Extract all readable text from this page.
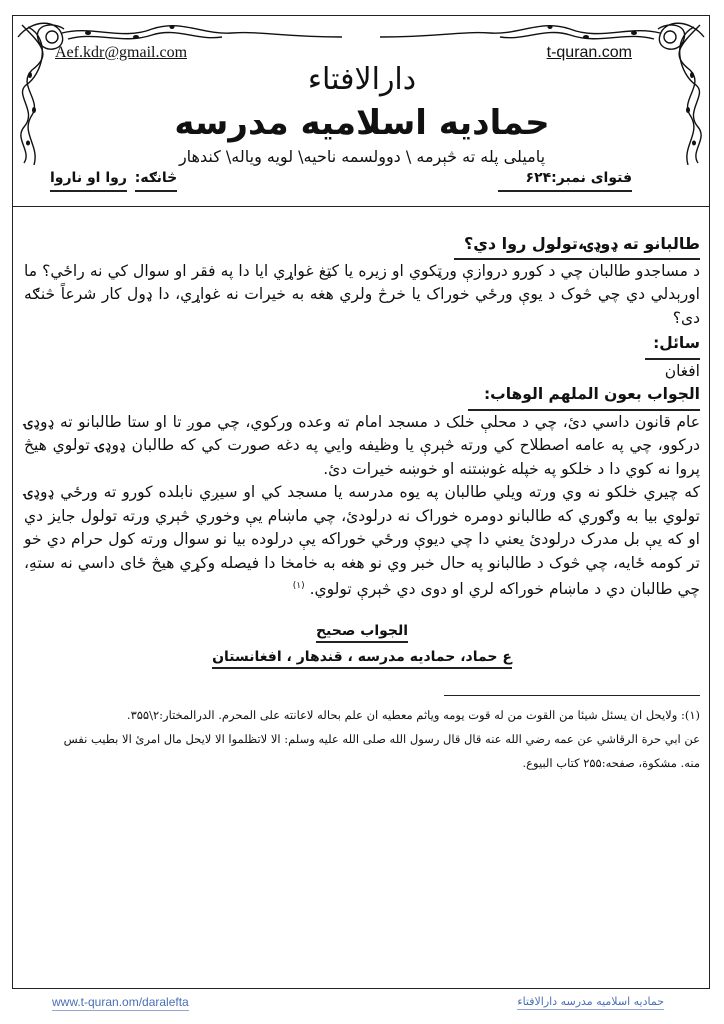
Aef.kdr@gmail.com	t-quran.com
دارالافتاء
حمادیه اسلامیه مدرسه
پامیلی پله ته څېرمه \ دوولسمه ناحیه\ لویه ویاله\ کندهار
فتوای نمبر:۶۲۴
څانګه: روا او ناروا

طالبانو ته ډوډۍ،تولول روا دي؟

د مساجدو طالبان چي د کورو دروازې ورټکوي او زیره یا کټغ غواړي ایا دا په فقر او سوال کي نه راځي؟ ما اورېدلي دي چي څوک د یوې ورځي خوراک یا خرڅ ولري هغه به خیرات نه غواړي، دا ډول کار شرعاً څنګه دی؟

سائل:

افغان

الجواب بعون الملهم الوهاب:

عام قانون داسي دئ، چي د محلې خلک د مسجد امام ته وعده ورکوي، چي موږ تا او ستا طالبانو ته ډوډۍ درکوو، چي په عامه اصطلاح کي ورته څېرې یا وظیفه وایي په دغه صورت کي که طالبان ډوډۍ تولوي هیڅ پروا نه کوي دا د خلکو په خپله غوښتنه او خوښه خیرات دئ.

که چیري خلکو نه وي ورته ویلي طالبان په یوه مدرسه یا مسجد کي او سیږي نابلده کورو ته ورځي ډوډۍ تولوي بیا به وګوري که طالبانو دومره خوراک نه درلودئ، چي ماښام یې وخوري څېري ورته تولول جایز دي او که یې بل مدرک درلودئ یعني دا چي دیوې ورځي خوراکه یې درلوده بیا نو سوال ورته کول حرام دي خو تر کومه ځایه، چي څوک د طالبانو په حال خبر وي نو هغه به خامخا دا فیصله وکړي هیڅ ځای داسي نه ستهِ، چي طالبان دي د ماښام خوراکه لري او دوی دي څېرې تولوي. $^{(۱)}$

الجواب صحیح
ع حماد، حمادیه مدرسه ، قندهار ، افغانستان

(۱): ولایحل ان یسئل شیئا من القوت من له قوت یومه ویاثم معطیه ان علم بحاله لاعانته علی المحرم. الدرالمختار:۲\۳۵۵.

عن ابي حرة الرقاشي عن عمه رضي الله عنه قال قال رسول الله صلی الله علیه وسلم: الا لاتظلموا الا لایحل مال امرئ الا بطیب نفس

منه. مشکوة، صفحه:۲۵۵ کتاب البیوع.

www.t-quran.om/daralefta	حمادیه اسلامیه مدرسه دارالافتاء
